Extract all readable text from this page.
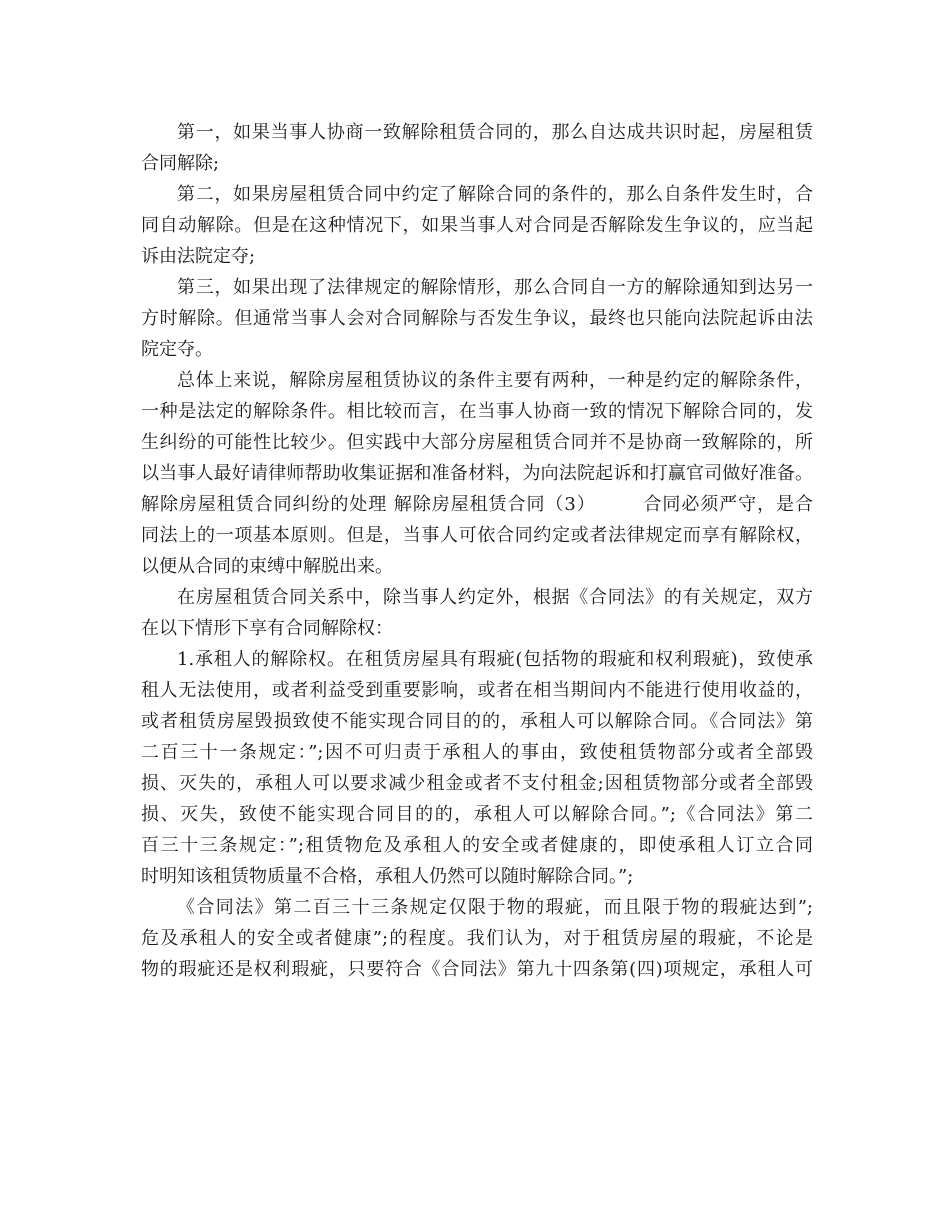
第一，如果当事人协商一致解除租赁合同的，那么自达成共识时起，房屋租赁
合同解除;
第二，如果房屋租赁合同中约定了解除合同的条件的，那么自条件发生时，合
同自动解除。但是在这种情况下，如果当事人对合同是否解除发生争议的，应当起
诉由法院定夺;
第三，如果出现了法律规定的解除情形，那么合同自一方的解除通知到达另一
方时解除。但通常当事人会对合同解除与否发生争议，最终也只能向法院起诉由法
院定夺。
总体上来说，解除房屋租赁协议的条件主要有两种，一种是约定的解除条件，
一种是法定的解除条件。相比较而言，在当事人协商一致的情况下解除合同的，发
生纠纷的可能性比较少。但实践中大部分房屋租赁合同并不是协商一致解除的，所
以当事人最好请律师帮助收集证据和准备材料，为向法院起诉和打赢官司做好准备。
解除房屋租赁合同纠纷的处理 解除房屋租赁合同（3）　　　合同必须严守，是合
同法上的一项基本原则。但是，当事人可依合同约定或者法律规定而享有解除权，
以便从合同的束缚中解脱出来。
在房屋租赁合同关系中，除当事人约定外，根据《合同法》的有关规定，双方
在以下情形下享有合同解除权：
1.承租人的解除权。在租赁房屋具有瑕疵(包括物的瑕疵和权利瑕疵)，致使承
租人无法使用，或者利益受到重要影响，或者在相当期间内不能进行使用收益的，
或者租赁房屋毁损致使不能实现合同目的的，承租人可以解除合同。《合同法》第
二百三十一条规定：”;因不可归责于承租人的事由，致使租赁物部分或者全部毁
损、灭失的，承租人可以要求减少租金或者不支付租金;因租赁物部分或者全部毁
损、灭失，致使不能实现合同目的的，承租人可以解除合同。”;《合同法》第二
百三十三条规定：”;租赁物危及承租人的安全或者健康的，即使承租人订立合同
时明知该租赁物质量不合格，承租人仍然可以随时解除合同。”;
《合同法》第二百三十三条规定仅限于物的瑕疵，而且限于物的瑕疵达到”;
危及承租人的安全或者健康”;的程度。我们认为，对于租赁房屋的瑕疵，不论是
物的瑕疵还是权利瑕疵，只要符合《合同法》第九十四条第(四)项规定，承租人可
